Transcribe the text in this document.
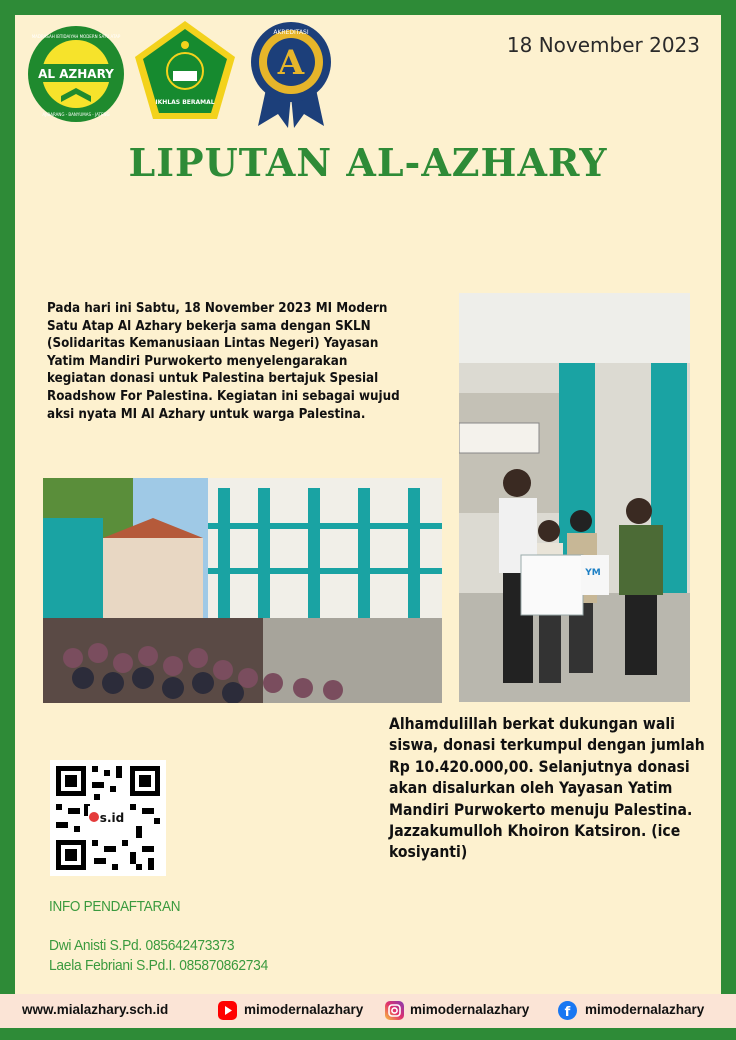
AL AZHARY
MADRASAH IBTIDAIYAH MODERN SATU ATAP
AJIBARANG - BANYUMAS - JATENG
IKHLAS BERAMAL
A
AKREDITASI
18 November 2023
LIPUTAN AL-AZHARY
Pada hari ini Sabtu, 18 November 2023 MI Modern Satu Atap Al Azhary bekerja sama dengan SKLN (Solidaritas Kemanusiaan Lintas Negeri) Yayasan Yatim Mandiri Purwokerto menyelengarakan kegiatan donasi untuk Palestina bertajuk Spesial Roadshow For Palestina. Kegiatan ini sebagai wujud aksi nyata MI Al Azhary untuk warga Palestina.
YM
Alhamdulillah berkat dukungan wali siswa, donasi terkumpul dengan jumlah Rp 10.420.000,00. Selanjutnya donasi akan disalurkan oleh Yayasan Yatim Mandiri Purwokerto menuju Palestina. Jazzakumulloh Khoiron Katsiron. (ice kosiyanti)
s.id
INFO PENDAFTARAN
Dwi Anisti S.Pd. 085642473373
Laela Febriani S.Pd.I. 085870862734
www.mialazhary.sch.id	mimodernalazhary	mimodernalazhary	f mimodernalazhary
